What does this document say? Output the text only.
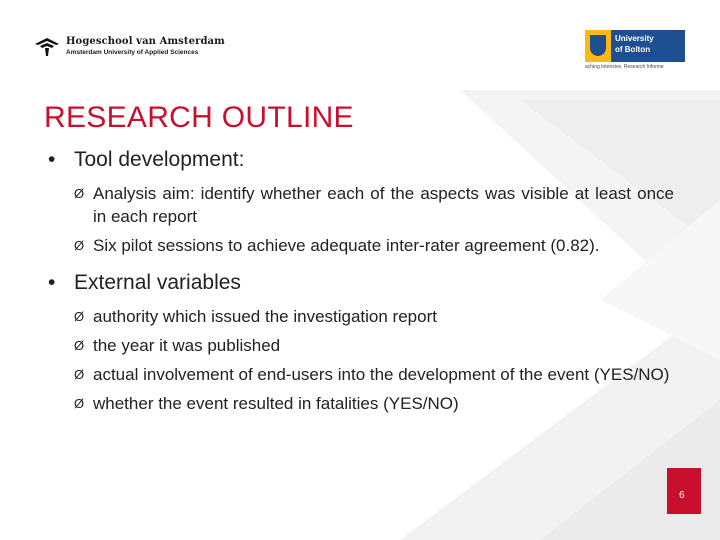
Hogeschool van Amsterdam
Amsterdam University of Applied Sciences
University
of Bolton
aching Intensive, Research Informe
RESEARCH OUTLINE
• Tool development:
Ø Analysis aim: identify whether each of the aspects was visible at least once in each report
Ø Six pilot sessions to achieve adequate inter-rater agreement (0.82).
• External variables
Ø authority which issued the investigation report
Ø the year it was published
Ø actual involvement of end-users into the development of the event (YES/NO)
Ø whether the event resulted in fatalities (YES/NO)
6
